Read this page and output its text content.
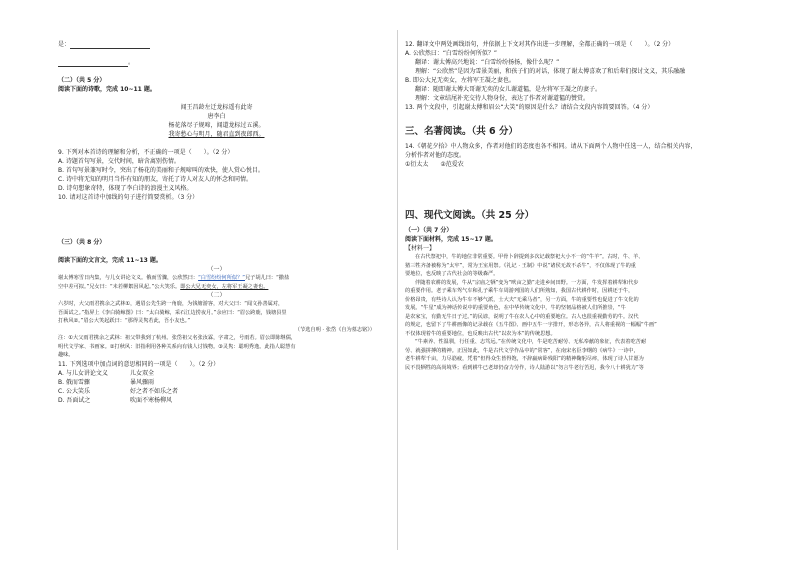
是：
。
（二）（共 5 分）
阅读下面的诗歌，完成 10~11 题。
闻王昌龄左迁龙标遥有此寄
唐李白
杨花落尽子规啼，闻道龙标过五溪。
我寄愁心与明月，随君直到夜郎西。
9. 下列对本首诗的理解和分析，不正确的一项是（　　）。（2 分）
A. 诗题首句写景，交代时间，暗含离别伤情。
B. 首句写景兼写时令，突出了杨花的美丽和子规啼叫的欢快，使人赏心悦目。
C. 诗中将无知的明月当作有知的朋友，寄托了诗人对友人的怀念和同情。
D. 诗句想象奇特，体现了李白诗的浪漫主义风格。
10. 请对这首诗中加线的句子进行简要赏析。（3 分）
（三）（共 8 分）
阅读下面的文言文，完成 11~13 题。
（一）
谢太傅寒雪日内集，与儿女讲论文义。俄而雪骤，公欣然曰：“白雪纷纷何所似？”兄子胡儿曰：“撒盐
空中差可拟。”兄女曰：“未若柳絮因风起。”公大笑乐。即公大兄无奕女，左将军王凝之妻也。
（二）
六岁时，大父雨君携余之武林①，遇眉公先生跨一角鹿，为钱塘游客，对大父曰：“闻文孙善属对，
吾面试之。”指屏上《李白骑鲸图》曰：“太白骑鲸，采石江边捞夜月。”余应曰：“眉公跨鹿，钱塘县里
打秋风②。”眉公大笑起跃曰：“那得灵隽若此，吾小友也。”
（节选自明 · 张岱《自为墓志铭》）
注：①大父雨君携余之武林：祖父带我到了杭州。张岱祖父名张汝霖，字肃之，号雨若。眉公即陈继儒，
明代文学家、书画家。②打秋风：旧指利用各种关系向有钱人讨钱物。③灵隽：聪明秀逸。此指人聪慧有
趣味。
11. 下列选项中加点词的意思相同的一项是（　　）。（2 分）
A. 与儿女讲论文义	儿女双全
B. 俄而雪骤	暴风骤雨
C. 公大笑乐	好之者不如乐之者
D. 吾面试之	吹面不寒杨柳风
12. 翻译文中两处画线语句，并依据上下文对其作出进一步理解，全都正确的一项是（　　）。（2 分）
A. 公欣然曰：“白雪纷纷何所似？”
翻译：谢太傅高兴地说：“白雪纷纷扬扬，像什么呢？”
理解：“公欣然”是因为雪景美丽，和孩子们的对话，体现了谢太傅喜欢了和后辈们探讨文义，其乐融融
B. 即公大兄无奕女，左将军王凝之妻也。
翻译：随即谢太傅大哥谢无奕的女儿谢道韫，是左将军王凝之的妻子。
理解：文章结尾补充交待人物身份，表达了作者对谢道韫的赞赏。
13. 两个文段中，引起谢太傅和眉公“大笑”的原因是什么？请结合文段内容简要回答。（4 分）
三、名著阅读。（共 6 分）
14.《朝花夕拾》中人物众多，作者对他们的态度也各不相同。请从下面两个人物中任选一人，结合相关内容，
分析作者对他的态度。
①衍太太　　②范爱农
四、现代文阅读。（共 25 分）
（一）（共 7 分）
阅读下面材料，完成 15~17 题。
【材料一】
在古代祭祀中，牛的地位非常重要。甲骨卜辞提到多次记载祭祀大小不一的“牛羊”。古时，牛、羊、
猪三牲齐备被称为“太牢”，常为王室用祭。《礼记 · 王制》中说“诸侯无故不杀牛”，不仅体现了牛的重
要地位，也反映了古代社会的等级森严。
伴随着农耕的发展，牛从“宗庙之牺”变为“畎亩之勤”走进乡间田野。一方面，牛发挥着耕犁和代步
的重要作用。老子乘车驾气车和孔子乘牛车周游列国的人们所熟知，我国古代耕作时，因耕还于牛，
价格昂贵，有些诗人认为牛车不够气派，士大夫“无乘马者”，另一方面，牛的重要性也促进了牛文化的
发展。“牛星”成为神话传说中的重要角色，在中华传统文化中，牛的坚韧品格被人们所推崇，“牛
是农家宝，有勤无牛日子过。”的民谚，说明了牛在农人心中的重要地位。古人也很重视勤劳的牛。汉代
的规定，也留下了牛耕画像的记录载在《五牛图》、画中五牛一字排开，形态各异，古人将重视的一幅幅“牛画”
不仅体现着牛的重要地位，也反映出古代“以农为本”的传统思想。
“牛素养、性温驯，行任重、志笃远。”在传统文化中，牛是吃苦耐劳、无私奉献的象征，代表着吃苦耐
劳、就强拼搏的精神。正因如此，牛是古代文学作品中的“常客”，在南宋名臣李纲的《病牛》一诗中，
老牛耕犁千亩，力尽筋疲，凭着“但得众生皆得饱，不辞羸病卧残阳”的精神鞠躬尽瘁，体现了诗人甘愿为
民不畏牺牲的高尚境界；看到耕牛已老却仍奋力劳作，诗人陆游以“勿言牛老行苦迟，我今八十耕犹力”等
